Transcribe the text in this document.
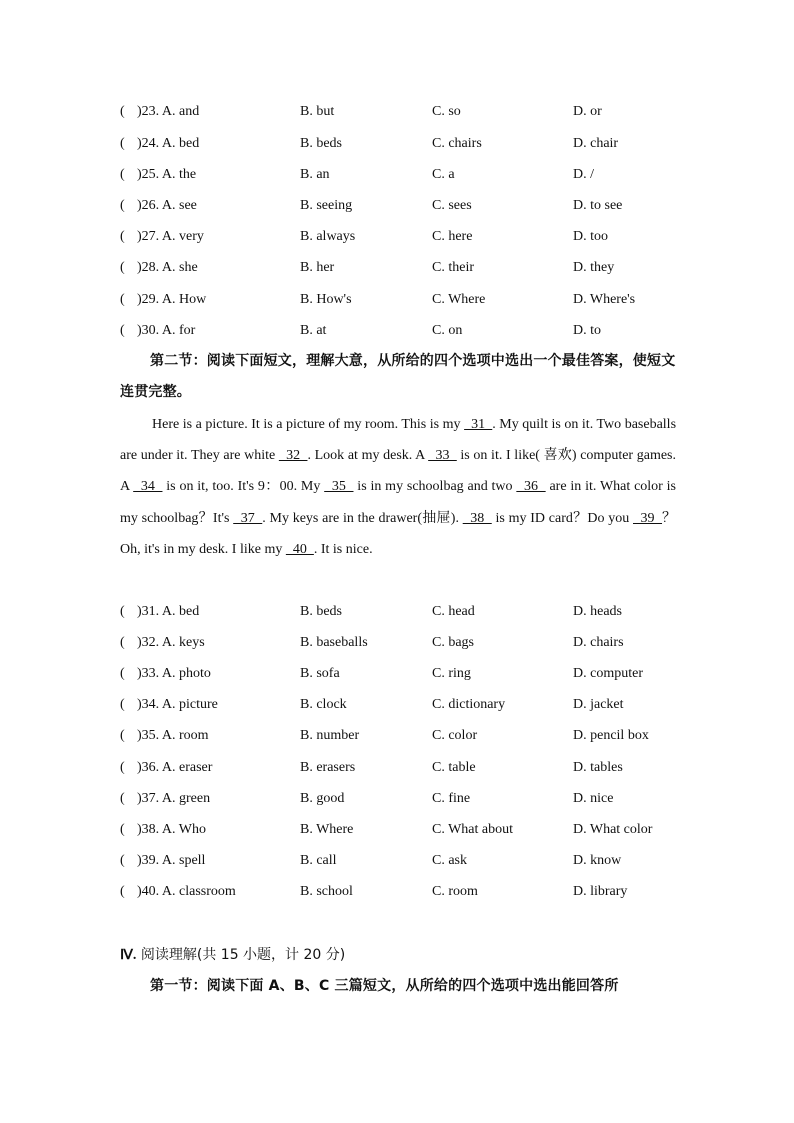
( )23. A. and	B. but	C. so	D. or
( )24. A. bed	B. beds	C. chairs	D. chair
( )25. A. the	B. an	C. a	D. /
( )26. A. see	B. seeing	C. sees	D. to see
( )27. A. very	B. always	C. here	D. too
( )28. A. she	B. her	C. their	D. they
( )29. A. How	B. How's	C. Where	D. Where's
( )30. A. for	B. at	C. on	D. to
第二节：阅读下面短文，理解大意，从所给的四个选项中选出一个最佳答案，使短文连贯完整。
Here is a picture. It is a picture of my room. This is my   31  . My quilt is on it. Two baseballs are under it. They are white   32  . Look at my desk. A   33   is on it. I like( 喜欢) computer games. A   34   is on it, too. It's 9：00. My   35   is in my schoolbag and two   36   are in it. What color is my schoolbag？It's   37  . My keys are in the drawer(抽屉).   38   is my ID card？Do you   39  ？Oh, it's in my desk. I like my   40  . It is nice.
( )31. A. bed	B. beds	C. head	D. heads
( )32. A. keys	B. baseballs	C. bags	D. chairs
( )33. A. photo	B. sofa	C. ring	D. computer
( )34. A. picture	B. clock	C. dictionary	D. jacket
( )35. A. room	B. number	C. color	D. pencil box
( )36. A. eraser	B. erasers	C. table	D. tables
( )37. A. green	B. good	C. fine	D. nice
( )38. A. Who	B. Where	C. What about	D. What color
( )39. A. spell	B. call	C. ask	D. know
( )40. A. classroom	B. school	C. room	D. library
Ⅳ. 阅读理解(共 15 小题，计 20 分)
第一节：阅读下面 A、B、C 三篇短文，从所给的四个选项中选出能回答所
